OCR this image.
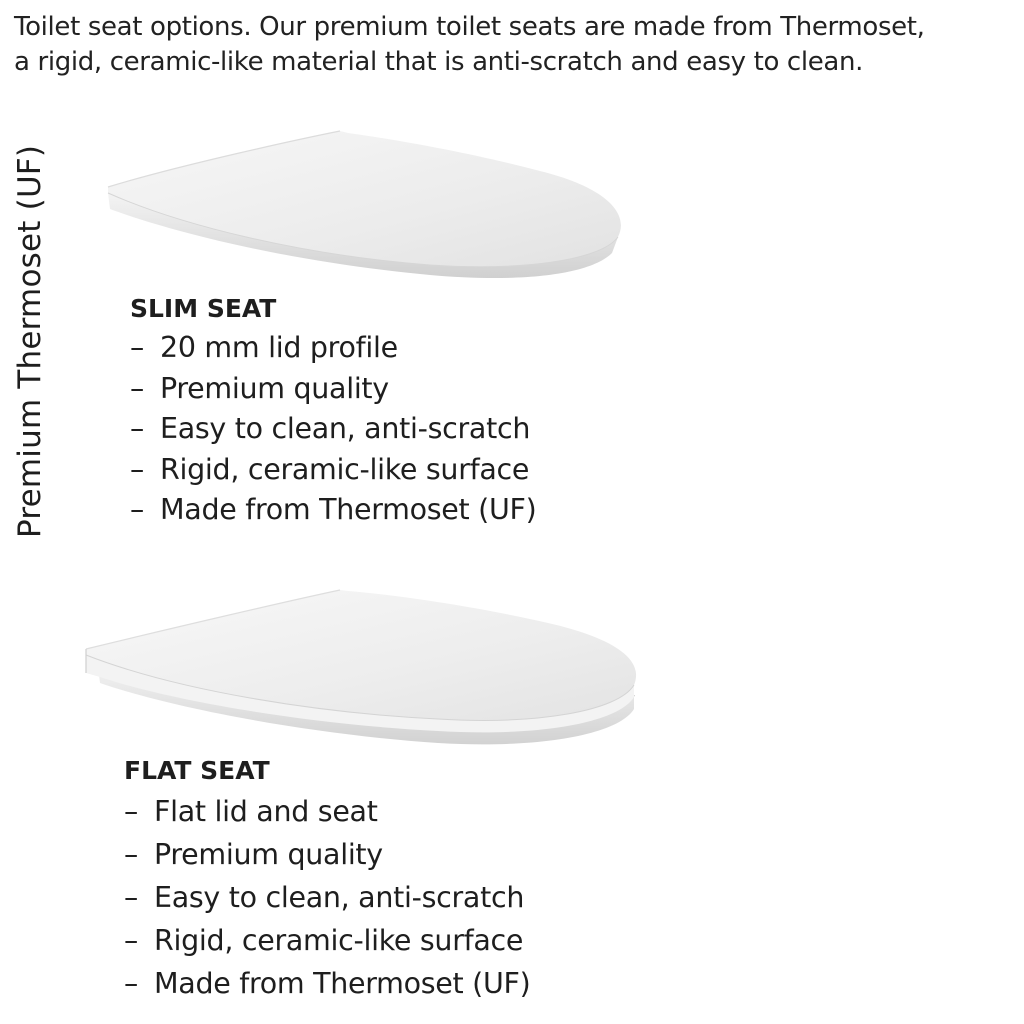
Toilet seat options. Our premium toilet seats are made from Thermoset,
a rigid, ceramic-like material that is anti-scratch and easy to clean.
Premium Thermoset (UF)	SLIM SEAT
– 20 mm lid profile
– Premium quality
– Easy to clean, anti-scratch
– Rigid, ceramic-like surface
– Made from Thermoset (UF)
FLAT SEAT
– Flat lid and seat
– Premium quality
– Easy to clean, anti-scratch
– Rigid, ceramic-like surface
– Made from Thermoset (UF)
